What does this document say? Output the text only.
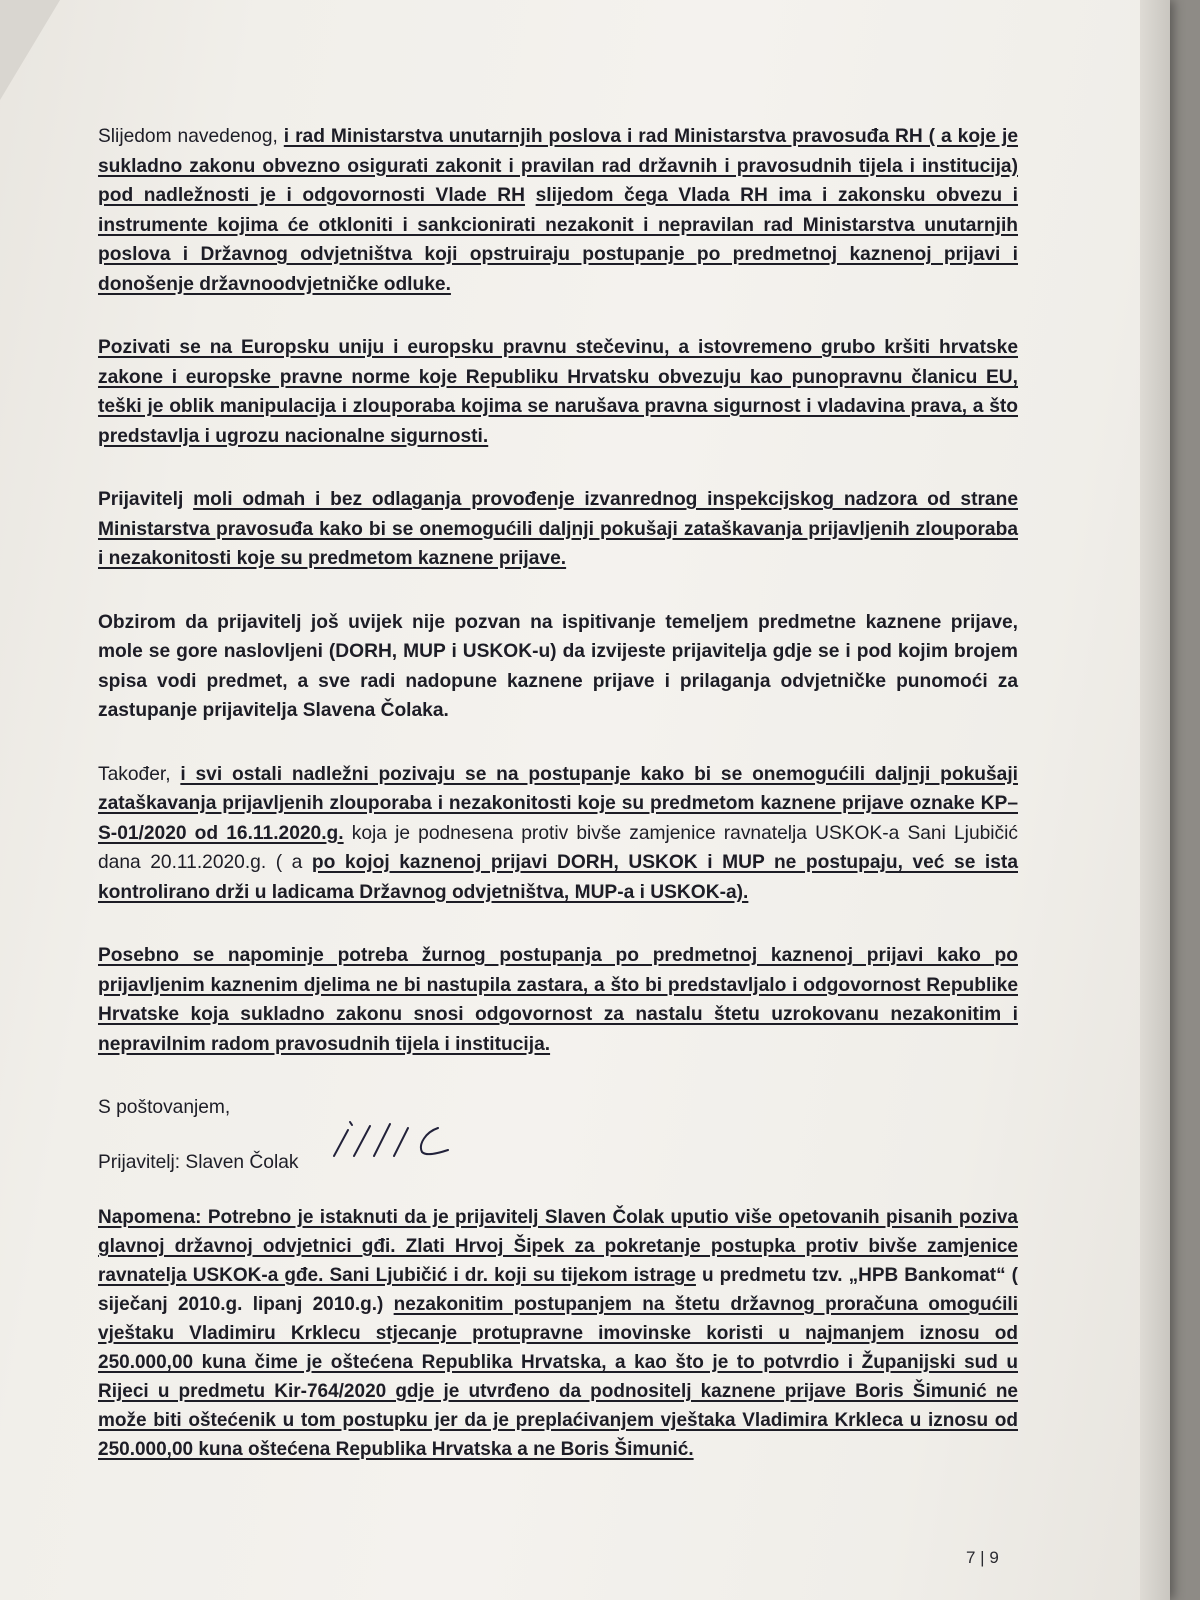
Slijedom navedenog, i rad Ministarstva unutarnjih poslova i rad Ministarstva pravosuđa RH ( a koje je sukladno zakonu obvezno osigurati zakonit i pravilan rad državnih i pravosudnih tijela i institucija) pod nadležnosti je i odgovornosti Vlade RH slijedom čega Vlada RH ima i zakonsku obvezu i instrumente kojima će otkloniti i sankcionirati nezakonit i nepravilan rad Ministarstva unutarnjih poslova i Državnog odvjetništva koji opstruiraju postupanje po predmetnoj kaznenoj prijavi i donošenje državnoodvjetničke odluke.

Pozivati se na Europsku uniju i europsku pravnu stečevinu, a istovremeno grubo kršiti hrvatske zakone i europske pravne norme koje Republiku Hrvatsku obvezuju kao punopravnu članicu EU, teški je oblik manipulacija i zlouporaba kojima se narušava pravna sigurnost i vladavina prava, a što predstavlja i ugrozu nacionalne sigurnosti.

Prijavitelj moli odmah i bez odlaganja provođenje izvanrednog inspekcijskog nadzora od strane Ministarstva pravosuđa kako bi se onemogućili daljnji pokušaji zataškavanja prijavljenih zlouporaba i nezakonitosti koje su predmetom kaznene prijave.

Obzirom da prijavitelj još uvijek nije pozvan na ispitivanje temeljem predmetne kaznene prijave, mole se gore naslovljeni (DORH, MUP i USKOK-u) da izvijeste prijavitelja gdje se i pod kojim brojem spisa vodi predmet, a sve radi nadopune kaznene prijave i prilaganja odvjetničke punomoći za zastupanje prijavitelja Slavena Čolaka.

Također, i svi ostali nadležni pozivaju se na postupanje kako bi se onemogućili daljnji pokušaji zataškavanja prijavljenih zlouporaba i nezakonitosti koje su predmetom kaznene prijave oznake KP–S-01/2020 od 16.11.2020.g. koja je podnesena protiv bivše zamjenice ravnatelja USKOK-a Sani Ljubičić dana 20.11.2020.g. ( a po kojoj kaznenoj prijavi DORH, USKOK i MUP ne postupaju, već se ista kontrolirano drži u ladicama Državnog odvjetništva, MUP-a i USKOK-a).

Posebno se napominje potreba žurnog postupanja po predmetnoj kaznenoj prijavi kako po prijavljenim kaznenim djelima ne bi nastupila zastara, a što bi predstavljalo i odgovornost Republike Hrvatske koja sukladno zakonu snosi odgovornost za nastalu štetu uzrokovanu nezakonitim i nepravilnim radom pravosudnih tijela i institucija.

S poštovanjem,
Prijavitelj: Slaven Čolak

Napomena: Potrebno je istaknuti da je prijavitelj Slaven Čolak uputio više opetovanih pisanih poziva glavnoj državnoj odvjetnici gđi. Zlati Hrvoj Šipek za pokretanje postupka protiv bivše zamjenice ravnatelja USKOK-a gđe. Sani Ljubičić i dr. koji su tijekom istrage u predmetu tzv. „HPB Bankomat“ ( siječanj 2010.g. lipanj 2010.g.) nezakonitim postupanjem na štetu državnog proračuna omogućili vještaku Vladimiru Krklecu stjecanje protupravne imovinske koristi u najmanjem iznosu od 250.000,00 kuna čime je oštećena Republika Hrvatska, a kao što je to potvrdio i Županijski sud u Rijeci u predmetu Kir-764/2020 gdje je utvrđeno da podnositelj kaznene prijave Boris Šimunić ne može biti oštećenik u tom postupku jer da je preplaćivanjem vještaka Vladimira Krkleca u iznosu od 250.000,00 kuna oštećena Republika Hrvatska a ne Boris Šimunić.

7 | 9
